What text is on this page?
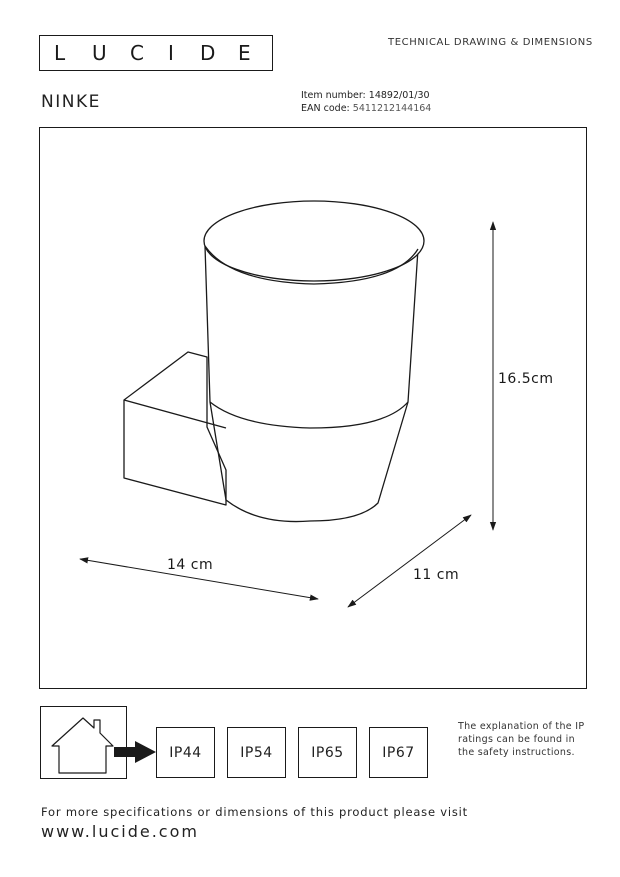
L U C I D E	TECHNICAL DRAWING & DIMENSIONS
NINKE	Item number: 14892/01/30
EAN code: 5411212144164
16.5cm
14 cm
11 cm
IP44	IP54	IP65	IP67
The explanation of the IP ratings can be found in the safety instructions.
For more specifications or dimensions of this product please visit
www.lucide.com
